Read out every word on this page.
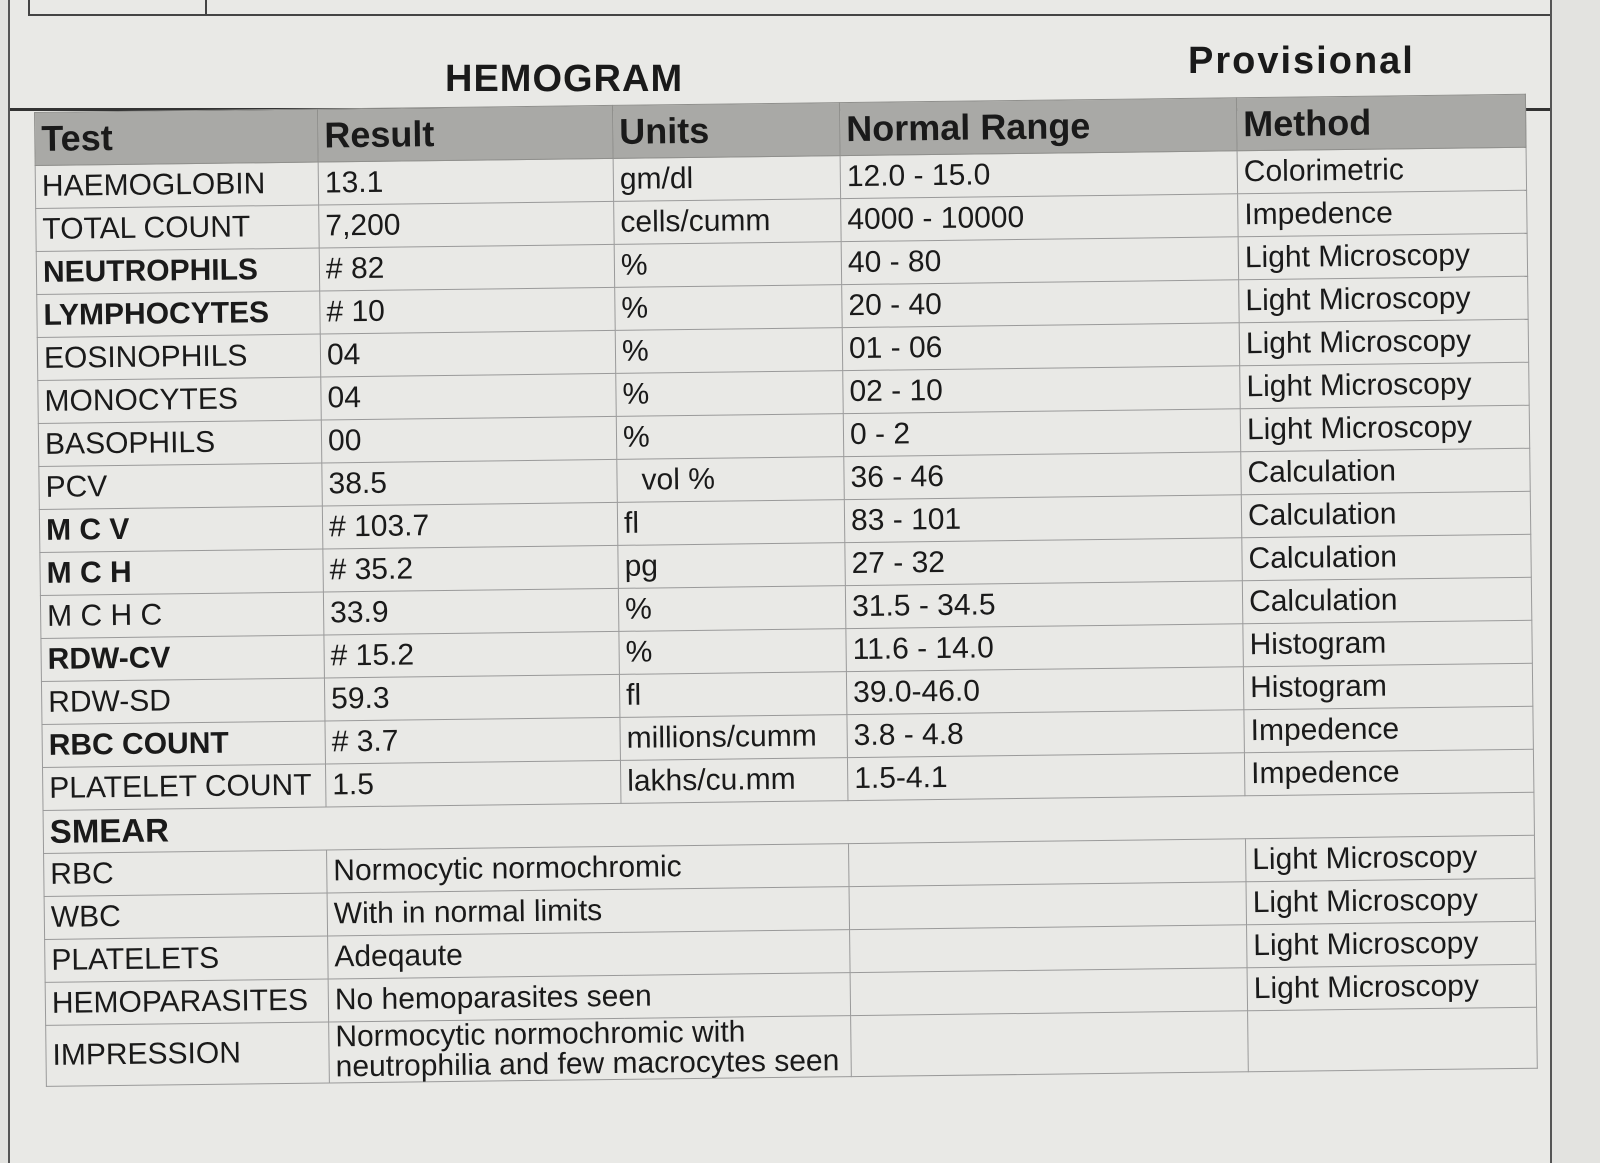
HEMOGRAM	Provisional
Test	Result	Units	Normal Range	Method
HAEMOGLOBIN	13.1	gm/dl	12.0 - 15.0	Colorimetric
TOTAL COUNT	7,200	cells/cumm	4000 - 10000	Impedence
NEUTROPHILS	# 82	%	40 - 80	Light Microscopy
LYMPHOCYTES	# 10	%	20 - 40	Light Microscopy
EOSINOPHILS	04	%	01 - 06	Light Microscopy
MONOCYTES	04	%	02 - 10	Light Microscopy
BASOPHILS	00	%	0 - 2	Light Microscopy
PCV	38.5	vol %	36 - 46	Calculation
M C V	# 103.7	fl	83 - 101	Calculation
M C H	# 35.2	pg	27 - 32	Calculation
M C H C	33.9	%	31.5 - 34.5	Calculation
RDW-CV	# 15.2	%	11.6 - 14.0	Histogram
RDW-SD	59.3	fl	39.0-46.0	Histogram
RBC COUNT	# 3.7	millions/cumm	3.8 - 4.8	Impedence
PLATELET COUNT	1.5	lakhs/cu.mm	1.5-4.1	Impedence
SMEAR				
RBC	Normocytic normochromic			Light Microscopy
WBC	With in normal limits			Light Microscopy
PLATELETS	Adeqaute			Light Microscopy
HEMOPARASITES	No hemoparasites seen			Light Microscopy
IMPRESSION	Normocytic normochromic with neutrophilia and few macrocytes seen			
